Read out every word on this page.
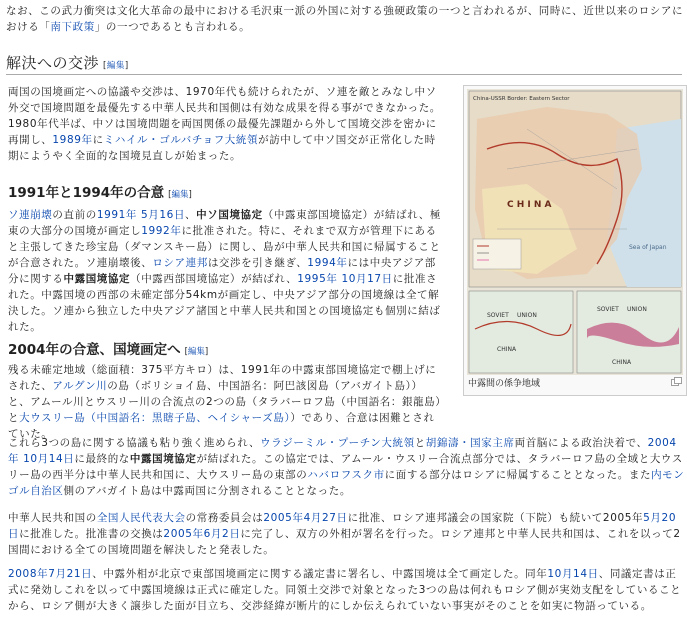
なお、この武力衝突は文化大革命の最中における毛沢東一派の外国に対する強硬政策の一つと言われるが、同時に、近世以来のロシアにおける「南下政策」の一つであるとも言われる。

解決への交渉 [編集]

両国の国境画定への協議や交渉は、1970年代も続けられたが、ソ連を敵とみなし中ソ外交で国境問題を最優先する中華人民共和国側は有効な成果を得る事ができなかった。1980年代半ば、中ソは国境問題を両国関係の最優先課題から外して国境交渉を密かに再開し、1989年にミハイル・ゴルバチョフ大統領が訪中して中ソ国交が正常化した時期にようやく全面的な国境見直しが始まった。

1991年と1994年の合意 [編集]

ソ連崩壊の直前の1991年 5月16日、中ソ国境協定（中露東部国境協定）が結ばれ、極東の大部分の国境が画定し1992年に批准された。特に、それまで双方が管理下にあると主張してきた珍宝島（ダマンスキー島）に関し、島が中華人民共和国に帰属することが合意された。ソ連崩壊後、ロシア連邦は交渉を引き継ぎ、1994年には中央アジア部分に関する中露国境協定（中露西部国境協定）が結ばれ、1995年 10月17日に批准された。中露国境の西部の未確定部分54kmが画定し、中央アジア部分の国境線は全て解決した。ソ連から独立した中央アジア諸国と中華人民共和国との国境協定も個別に結ばれた。

2004年の合意、国境画定へ [編集]

残る未確定地域（総面積：375平方キロ）は、1991年の中露東部国境協定で棚上げにされた、アルグン川の島（ボリショイ島、中国語名：阿巴該図島（アバガイト島））と、アムール川とウスリー川の合流点の2つの島（タラバーロフ島（中国語名：銀龍島）と大ウスリー島（中国語名：黒瞎子島、ヘイシャーズ島））であり、合意は困難とされていた。

これら3つの島に関する協議も粘り強く進められ、ウラジーミル・プーチン大統領と胡錦濤・国家主席両首脳による政治決着で、2004年 10月14日に最終的な中露国境協定が結ばれた。この協定では、アムール・ウスリー合流点部分では、タラバーロフ島の全域と大ウスリー島の西半分は中華人民共和国に、大ウスリー島の東部のハバロフスク市に面する部分はロシアに帰属することとなった。また内モンゴル自治区側のアバガイト島は中露両国に分割されることとなった。

中華人民共和国の全国人民代表大会の常務委員会は2005年4月27日に批准、ロシア連邦議会の国家院（下院）も続いて2005年5月20日に批准した。批准書の交換は2005年6月2日に完了し、双方の外相が署名を行った。ロシア連邦と中華人民共和国は、これを以って2国間における全ての国境問題を解決したと発表した。

2008年7月21日、中露外相が北京で東部国境画定に関する議定書に署名し、中露国境は全て画定した。同年10月14日、同議定書は正式に発効しこれを以って中露国境線は正式に確定した。同領土交渉で対象となった3つの島は何れもロシア側が実効支配をしていることから、ロシア側が大きく譲歩した面が目立ち、交渉経緯が断片的にしか伝えられていない事実がそのことを如実に物語っている。

China-USSR Border: Eastern Sector
C H I N A
Sea of Japan
SOVIET UNION
CHINA
SOVIET UNION
CHINA
中露間の係争地域
